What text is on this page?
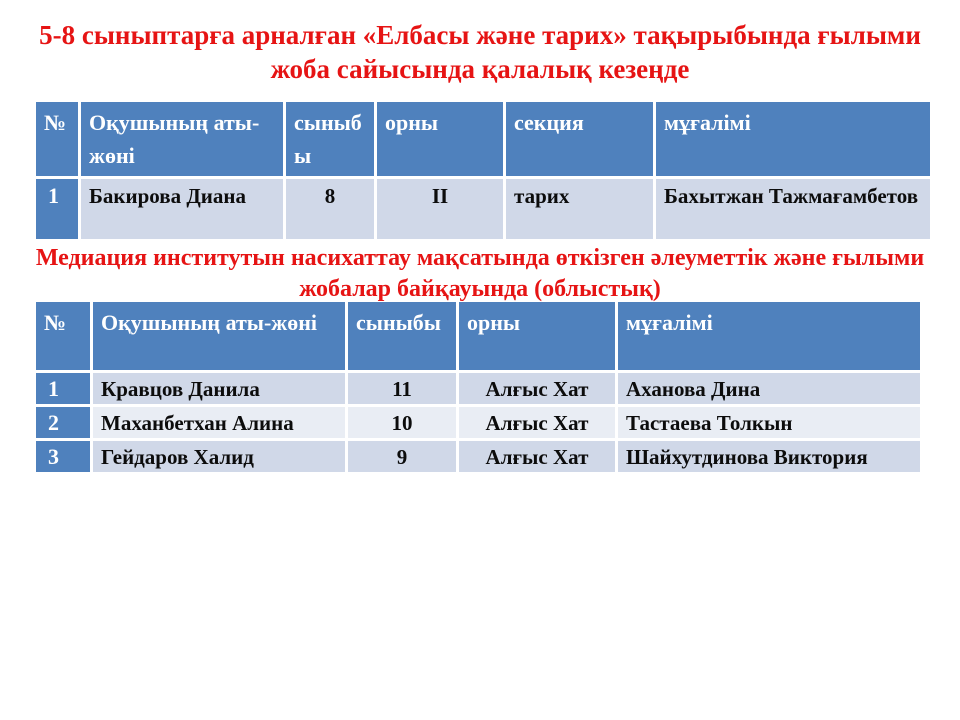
5-8 сыныптарға арналған «Елбасы және тарих» тақырыбында ғылыми жоба сайысында қалалық кезеңде
№	Оқушының аты-жөні	сыныбы	орны	секция	мұғалімі
1	Бакирова Диана	8	II	тарих	Бахытжан Тажмағамбетов
Медиация институтын насихаттау мақсатында өткізген әлеуметтік және ғылыми жобалар байқауында (облыстық)
№	Оқушының аты-жөні	сыныбы	орны	мұғалімі
1	Кравцов Данила	11	Алғыс Хат	Аханова Дина
2	Маханбетхан Алина	10	Алғыс Хат	Тастаева Толкын
3	Гейдаров Халид	9	Алғыс Хат	Шайхутдинова Виктория
